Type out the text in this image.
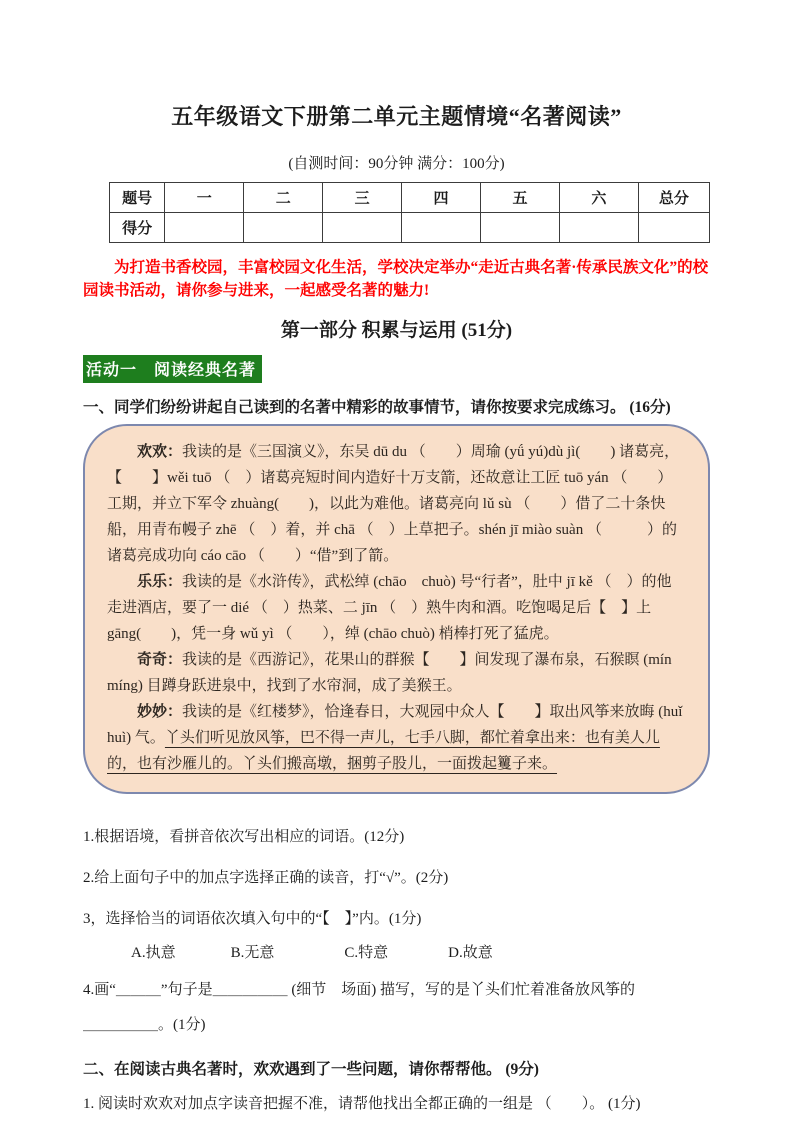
五年级语文下册第二单元主题情境“名著阅读”
(自测时间：90分钟 满分：100分)
题号	一	二	三	四	五	六	总分
得分							

为打造书香校园，丰富校园文化生活，学校决定举办“走近古典名著·传承民族文化”的校园读书活动，请你参与进来，一起感受名著的魅力!

第一部分 积累与运用 (51分)
活动一　阅读经典名著

一、同学们纷纷讲起自己读到的名著中精彩的故事情节，请你按要求完成练习。 (16分)

欢欢：我读的是《三国演义》，东吴 dū du （　　）周瑜 (yǘ yú)dù jì(　　) 诸葛亮，【　　】wěi tuō （　）诸葛亮短时间内造好十万支箭，还故意让工匠 tuō yán （　　）工期，并立下军令 zhuàng(　　)，以此为难他。诸葛亮向 lǔ sù （　　）借了二十条快船，用青布幔子 zhē （　）着，并 chā （　）上草把子。shén jī miào suàn （　　　）的诸葛亮成功向 cáo cāo （　　）“借”到了箭。

乐乐：我读的是《水浒传》，武松绰 (chāo　chuò) 号“行者”，肚中 jī kě （　）的他走进酒店，要了一 dié （　）热菜、二 jīn （　）熟牛肉和酒。吃饱喝足后【　】上 gāng(　　)，凭一身 wǔ yì （　　），绰 (chāo chuò) 梢棒打死了猛虎。

奇奇：我读的是《西游记》，花果山的群猴【　　】间发现了瀑布泉，石猴瞑 (mín míng) 目蹲身跃进泉中，找到了水帘洞，成了美猴王。

妙妙：我读的是《红楼梦》，恰逢春日，大观园中众人【　　】取出风筝来放晦 (huǐ huì) 气。丫头们听见放风筝，巴不得一声儿，七手八脚，都忙着拿出来：也有美人儿的，也有沙雁儿的。丫头们搬高墩，捆剪子股儿，一面拨起籰子来。

1.根据语境，看拼音依次写出相应的词语。(12分)

2.给上面句子中的加点字选择正确的读音，打“√”。(2分)

3，选择恰当的词语依次填入句中的“【　】”内。(1分)

A.执意	B.无意	C.特意	D.故意

4.画“＿＿＿”句子是＿＿＿＿＿ (细节　场面) 描写，写的是丫头们忙着准备放风筝的

＿＿＿＿＿。(1分)

二、在阅读古典名著时，欢欢遇到了一些问题，请你帮帮他。 (9分)

1. 阅读时欢欢对加点字读音把握不准，请帮他找出全都正确的一组是 （　　）。 (1分)
